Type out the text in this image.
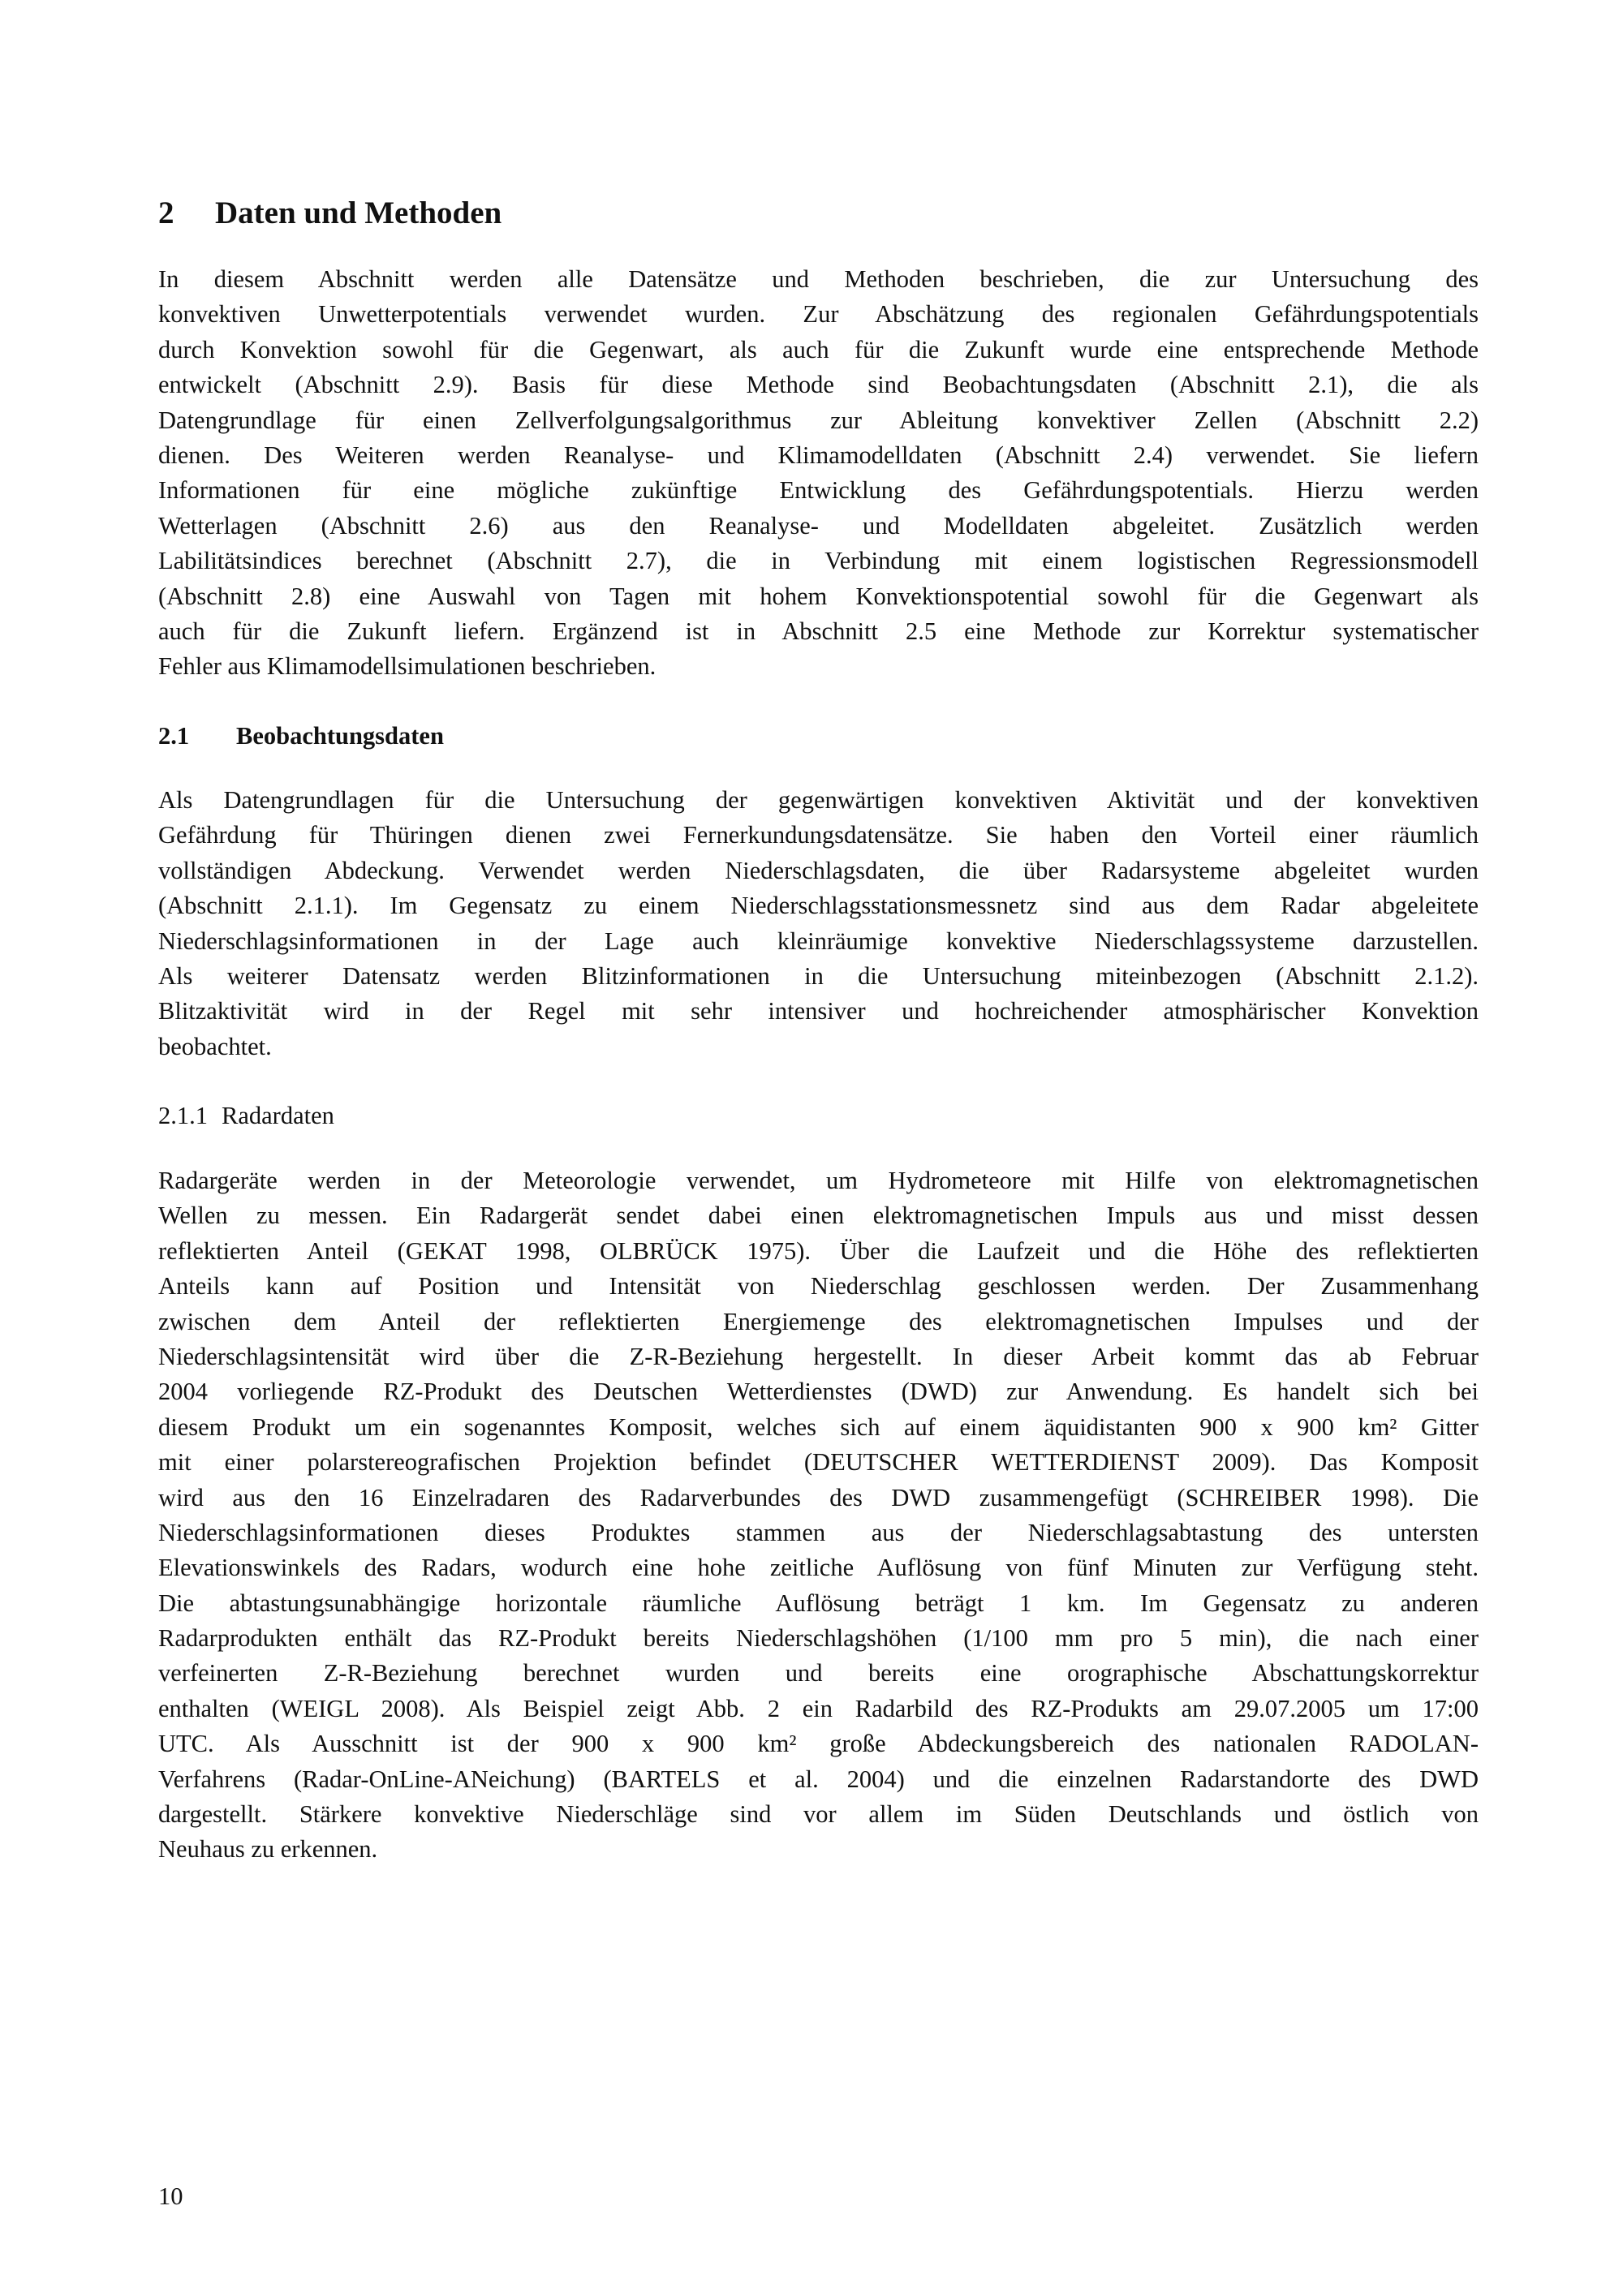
2 Daten und Methoden
In diesem Abschnitt werden alle Datensätze und Methoden beschrieben, die zur Untersuchung des
konvektiven Unwetterpotentials verwendet wurden. Zur Abschätzung des regionalen Gefährdungspotentials
durch Konvektion sowohl für die Gegenwart, als auch für die Zukunft wurde eine entsprechende Methode
entwickelt (Abschnitt 2.9). Basis für diese Methode sind Beobachtungsdaten (Abschnitt 2.1), die als
Datengrundlage für einen Zellverfolgungsalgorithmus zur Ableitung konvektiver Zellen (Abschnitt 2.2)
dienen. Des Weiteren werden Reanalyse- und Klimamodelldaten (Abschnitt 2.4) verwendet. Sie liefern
Informationen für eine mögliche zukünftige Entwicklung des Gefährdungspotentials. Hierzu werden
Wetterlagen (Abschnitt 2.6) aus den Reanalyse- und Modelldaten abgeleitet. Zusätzlich werden
Labilitätsindices berechnet (Abschnitt 2.7), die in Verbindung mit einem logistischen Regressionsmodell
(Abschnitt 2.8) eine Auswahl von Tagen mit hohem Konvektionspotential sowohl für die Gegenwart als
auch für die Zukunft liefern. Ergänzend ist in Abschnitt 2.5 eine Methode zur Korrektur systematischer
Fehler aus Klimamodellsimulationen beschrieben.
2.1 Beobachtungsdaten
Als Datengrundlagen für die Untersuchung der gegenwärtigen konvektiven Aktivität und der konvektiven
Gefährdung für Thüringen dienen zwei Fernerkundungsdatensätze. Sie haben den Vorteil einer räumlich
vollständigen Abdeckung. Verwendet werden Niederschlagsdaten, die über Radarsysteme abgeleitet wurden
(Abschnitt 2.1.1). Im Gegensatz zu einem Niederschlagsstationsmessnetz sind aus dem Radar abgeleitete
Niederschlagsinformationen in der Lage auch kleinräumige konvektive Niederschlagssysteme darzustellen.
Als weiterer Datensatz werden Blitzinformationen in die Untersuchung miteinbezogen (Abschnitt 2.1.2).
Blitzaktivität wird in der Regel mit sehr intensiver und hochreichender atmosphärischer Konvektion
beobachtet.
2.1.1 Radardaten
Radargeräte werden in der Meteorologie verwendet, um Hydrometeore mit Hilfe von elektromagnetischen
Wellen zu messen. Ein Radargerät sendet dabei einen elektromagnetischen Impuls aus und misst dessen
reflektierten Anteil (GEKAT 1998, OLBRÜCK 1975). Über die Laufzeit und die Höhe des reflektierten
Anteils kann auf Position und Intensität von Niederschlag geschlossen werden. Der Zusammenhang
zwischen dem Anteil der reflektierten Energiemenge des elektromagnetischen Impulses und der
Niederschlagsintensität wird über die Z-R-Beziehung hergestellt. In dieser Arbeit kommt das ab Februar
2004 vorliegende RZ-Produkt des Deutschen Wetterdienstes (DWD) zur Anwendung. Es handelt sich bei
diesem Produkt um ein sogenanntes Komposit, welches sich auf einem äquidistanten 900 x 900 km² Gitter
mit einer polarstereografischen Projektion befindet (DEUTSCHER WETTERDIENST 2009). Das Komposit
wird aus den 16 Einzelradaren des Radarverbundes des DWD zusammengefügt (SCHREIBER 1998). Die
Niederschlagsinformationen dieses Produktes stammen aus der Niederschlagsabtastung des untersten
Elevationswinkels des Radars, wodurch eine hohe zeitliche Auflösung von fünf Minuten zur Verfügung steht.
Die abtastungsunabhängige horizontale räumliche Auflösung beträgt 1 km. Im Gegensatz zu anderen
Radarprodukten enthält das RZ-Produkt bereits Niederschlagshöhen (1/100 mm pro 5 min), die nach einer
verfeinerten Z-R-Beziehung berechnet wurden und bereits eine orographische Abschattungskorrektur
enthalten (WEIGL 2008). Als Beispiel zeigt Abb. 2 ein Radarbild des RZ-Produkts am 29.07.2005 um 17:00
UTC. Als Ausschnitt ist der 900 x 900 km² große Abdeckungsbereich des nationalen RADOLAN-
Verfahrens (Radar-OnLine-ANeichung) (BARTELS et al. 2004) und die einzelnen Radarstandorte des DWD
dargestellt. Stärkere konvektive Niederschläge sind vor allem im Süden Deutschlands und östlich von
Neuhaus zu erkennen.
10
